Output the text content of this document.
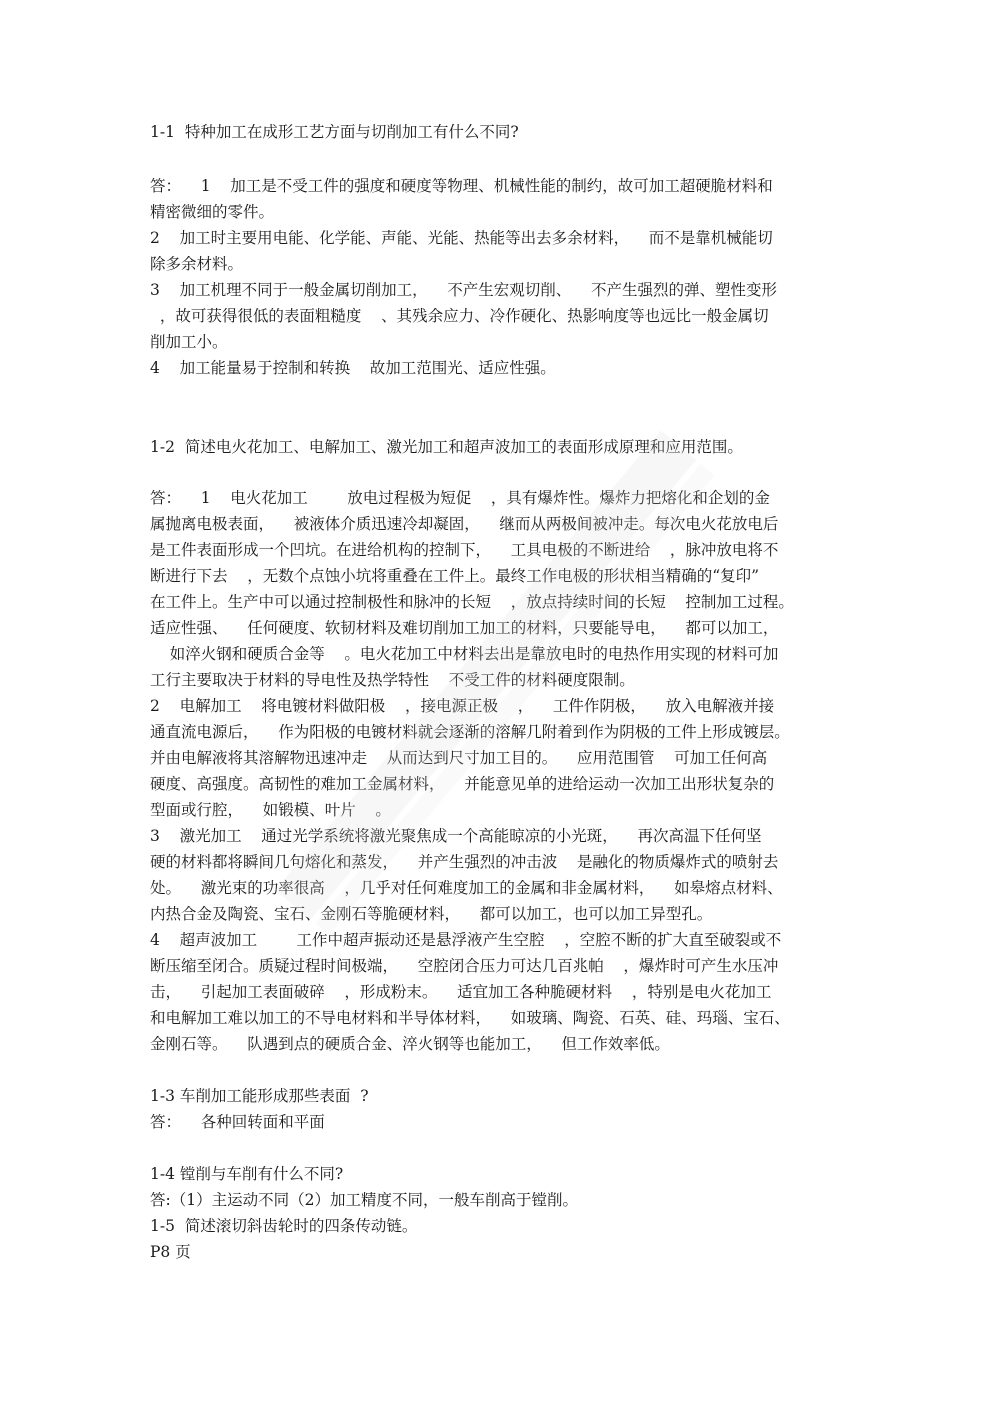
1-1  特种加工在成形工艺方面与切削加工有什么不同?
答：    1    加工是不受工件的强度和硬度等物理、机械性能的制约，故可加工超硬脆材料和
精密微细的零件。
2    加工时主要用电能、化学能、声能、光能、热能等出去多余材料，    而不是靠机械能切
除多余材料。
3    加工机理不同于一般金属切削加工，    不产生宏观切削、    不产生强烈的弹、塑性变形
，故可获得很低的表面粗糙度    、其残余应力、冷作硬化、热影响度等也远比一般金属切
削加工小。
4    加工能量易于控制和转换    故加工范围光、适应性强。
1-2  简述电火花加工、电解加工、激光加工和超声波加工的表面形成原理和应用范围。
答：    1    电火花加工        放电过程极为短促    ，具有爆炸性。爆炸力把熔化和企划的金
属抛离电极表面，    被液体介质迅速冷却凝固，    继而从两极间被冲走。每次电火花放电后
是工件表面形成一个凹坑。在进给机构的控制下，    工具电极的不断进给    ，脉冲放电将不
断进行下去    ，无数个点蚀小坑将重叠在工件上。最终工作电极的形状相当精确的“复印”
在工件上。生产中可以通过控制极性和脉冲的长短    ，放点持续时间的长短    控制加工过程。
适应性强、    任何硬度、软韧材料及难切削加工加工的材料，只要能导电，    都可以加工，
如淬火钢和硬质合金等    。电火花加工中材料去出是靠放电时的电热作用实现的材料可加
工行主要取决于材料的导电性及热学特性    不受工件的材料硬度限制。
2    电解加工    将电镀材料做阳极    ，接电源正极    ，    工件作阴极，    放入电解液并接
通直流电源后，    作为阳极的电镀材料就会逐渐的溶解几附着到作为阴极的工件上形成镀层。
并由电解液将其溶解物迅速冲走    从而达到尺寸加工目的。    应用范围管    可加工任何高
硬度、高强度。高韧性的难加工金属材料，    并能意见单的进给运动一次加工出形状复杂的
型面或行腔，    如锻模、叶片    。
3    激光加工    通过光学系统将激光聚焦成一个高能晾凉的小光斑，    再次高温下任何坚
硬的材料都将瞬间几句熔化和蒸发，    并产生强烈的冲击波    是融化的物质爆炸式的喷射去
处。    激光束的功率很高    ，几乎对任何难度加工的金属和非金属材料，    如皋熔点材料、
内热合金及陶瓷、宝石、金刚石等脆硬材料，    都可以加工，也可以加工异型孔。
4    超声波加工        工作中超声振动还是悬浮液产生空腔    ，空腔不断的扩大直至破裂或不
断压缩至闭合。质疑过程时间极端，    空腔闭合压力可达几百兆帕    ，爆炸时可产生水压冲
击，    引起加工表面破碎    ，形成粉末。    适宜加工各种脆硬材料    ，特别是电火花加工
和电解加工难以加工的不导电材料和半导体材料，    如玻璃、陶瓷、石英、硅、玛瑙、宝石、
金刚石等。    队遇到点的硬质合金、淬火钢等也能加工，    但工作效率低。
1-3 车削加工能形成那些表面  ?
答：    各种回转面和平面
1-4 镗削与车削有什么不同?
答:（1）主运动不同（2）加工精度不同，一般车削高于镗削。
1-5  简述滚切斜齿轮时的四条传动链。
P8 页
